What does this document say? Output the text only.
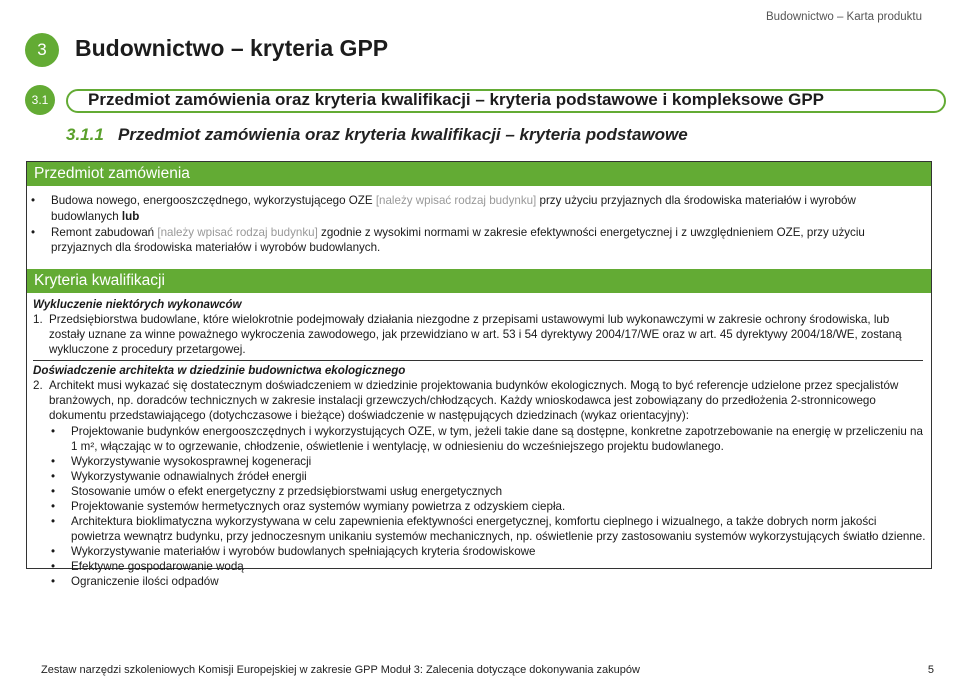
Budownictwo – Karta produktu
3	Budownictwo – kryteria GPP
3.1	Przedmiot zamówienia oraz kryteria kwalifikacji – kryteria podstawowe i kompleksowe GPP
3.1.1 Przedmiot zamówienia oraz kryteria kwalifikacji – kryteria podstawowe
Przedmiot zamówienia
• Budowa nowego, energooszczędnego, wykorzystującego OZE [należy wpisać rodzaj budynku] przy użyciu przyjaznych dla środowiska materiałów i wyrobów
budowlanych lub
• Remont zabudowań [należy wpisać rodzaj budynku] zgodnie z wysokimi normami w zakresie efektywności energetycznej i z uwzględnieniem OZE, przy użyciu
przyjaznych dla środowiska materiałów i wyrobów budowlanych.
Kryteria kwalifikacji
Wykluczenie niektórych wykonawców
1. Przedsiębiorstwa budowlane, które wielokrotnie podejmowały działania niezgodne z przepisami ustawowymi lub wykonawczymi w zakresie ochrony środowiska, lub
zostały uznane za winne poważnego wykroczenia zawodowego, jak przewidziano w art. 53 i 54 dyrektywy 2004/17/WE oraz w art. 45 dyrektywy 2004/18/WE, zostaną
wykluczone z procedury przetargowej.
Doświadczenie architekta w dziedzinie budownictwa ekologicznego
2. Architekt musi wykazać się dostatecznym doświadczeniem w dziedzinie projektowania budynków ekologicznych. Mogą to być referencje udzielone przez specjalistów
branżowych, np. doradców technicznych w zakresie instalacji grzewczych/chłodzących. Każdy wnioskodawca jest zobowiązany do przedłożenia 2-stronnicowego
dokumentu przedstawiającego (dotychczasowe i bieżące) doświadczenie w następujących dziedzinach (wykaz orientacyjny):
• Projektowanie budynków energooszczędnych i wykorzystujących OZE, w tym, jeżeli takie dane są dostępne, konkretne zapotrzebowanie na energię w przeliczeniu na
1 m², włączając w to ogrzewanie, chłodzenie, oświetlenie i wentylację, w odniesieniu do wcześniejszego projektu budowlanego.
• Wykorzystywanie wysokosprawnej kogeneracji
• Wykorzystywanie odnawialnych źródeł energii
• Stosowanie umów o efekt energetyczny z przedsiębiorstwami usług energetycznych
• Projektowanie systemów hermetycznych oraz systemów wymiany powietrza z odzyskiem ciepła.
• Architektura bioklimatyczna wykorzystywana w celu zapewnienia efektywności energetycznej, komfortu cieplnego i wizualnego, a także dobrych norm jakości
powietrza wewnątrz budynku, przy jednoczesnym unikaniu systemów mechanicznych, np. oświetlenie przy zastosowaniu systemów wykorzystujących światło dzienne.
• Wykorzystywanie materiałów i wyrobów budowlanych spełniających kryteria środowiskowe
• Efektywne gospodarowanie wodą
• Ograniczenie ilości odpadów
Zestaw narzędzi szkoleniowych Komisji Europejskiej w zakresie GPP Moduł 3: Zalecenia dotyczące dokonywania zakupów	5
